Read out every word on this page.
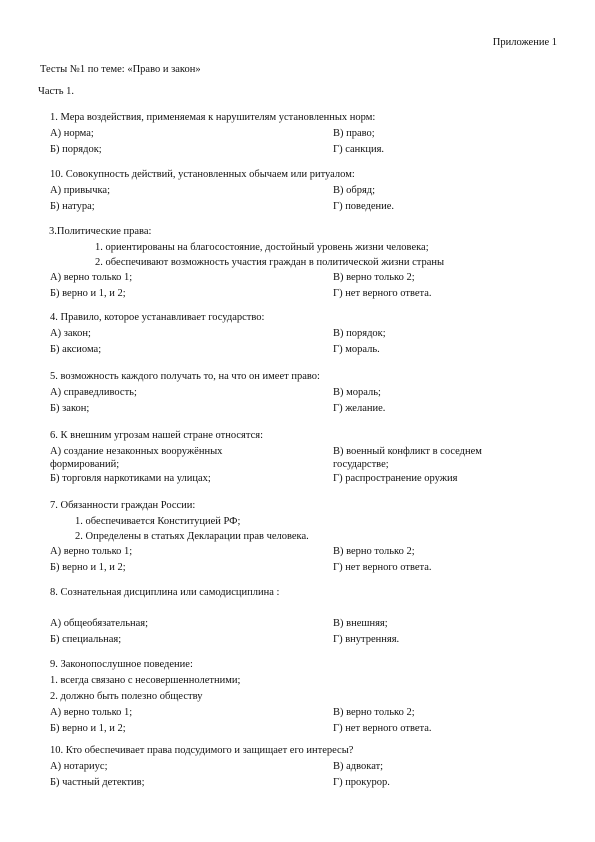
Приложение 1
Тесты №1 по теме: «Право и закон»
Часть 1.
1. Мера воздействия, применяемая к нарушителям установленных норм:
А) норма;	В) право;
Б) порядок;	Г) санкция.
10. Совокупность действий, установленных обычаем или ритуалом:
А) привычка;	В) обряд;
Б) натура;	Г) поведение.
3.Политические права:
1. ориентированы на благосостояние, достойный уровень жизни человека;
2. обеспечивают возможность участия граждан в политической жизни страны
А) верно только 1;	В) верно только 2;
Б) верно и 1, и 2;	Г) нет верного ответа.
4. Правило, которое устанавливает государство:
А) закон;	В) порядок;
Б) аксиома;	Г) мораль.
5. возможность каждого получать то, на что он имеет право:
А) справедливость;	В) мораль;
Б) закон;	Г) желание.
6. К внешним угрозам нашей стране относятся:
А) создание незаконных вооружённых	В) военный конфликт в соседнем
формирований;	государстве;
Б) торговля наркотиками на улицах;	Г) распространение оружия
7. Обязанности граждан России:
1. обеспечивается Конституцией РФ;
2. Определены в статьях Декларации прав человека.
А) верно только 1;	В) верно только 2;
Б) верно и 1, и 2;	Г) нет верного ответа.
8. Сознательная дисциплина или самодисциплина :
А) общеобязательная;	В) внешняя;
Б) специальная;	Г) внутренняя.
9. Законопослушное поведение:
1. всегда связано с несовершеннолетними;
2. должно быть полезно обществу
А) верно только 1;	В) верно только 2;
Б) верно и 1, и 2;	Г) нет верного ответа.
10. Кто обеспечивает права подсудимого и защищает его интересы?
А) нотариус;	В) адвокат;
Б) частный детектив;	Г) прокурор.
